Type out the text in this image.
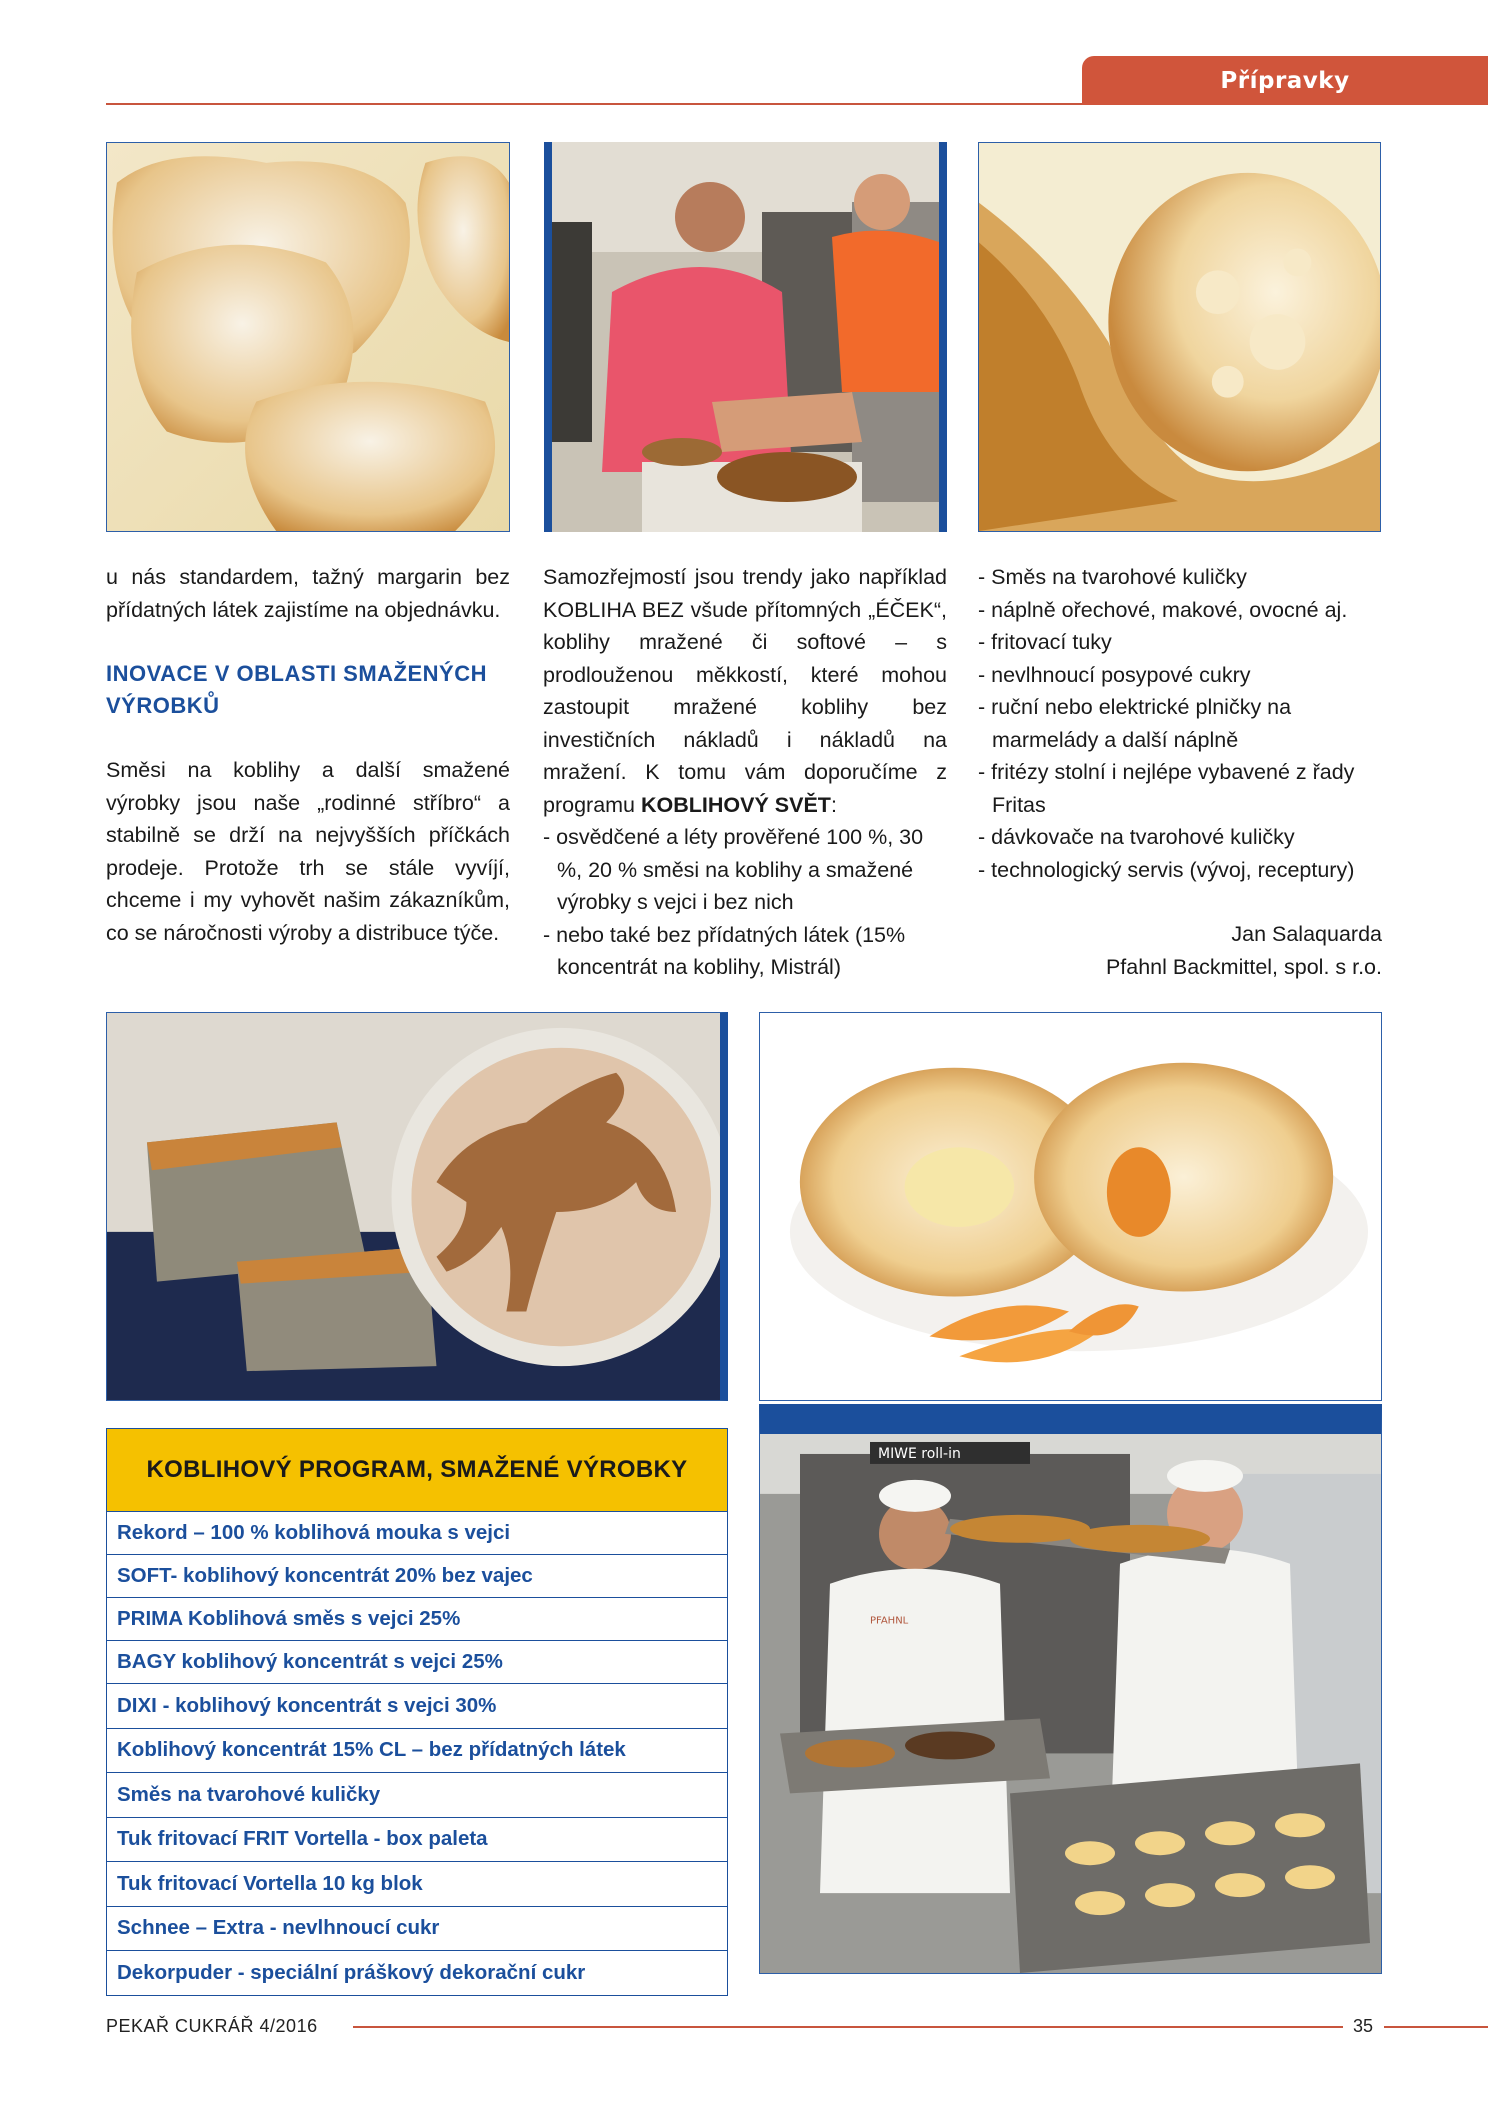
Přípravky

u nás standardem, tažný margarin bez přídatných látek zajistíme na objednávku.

INOVACE V OBLASTI SMAŽENÝCH VÝROBKŮ

Směsi na koblihy a další smažené výrobky jsou naše „rodinné stříbro“ a stabilně se drží na nejvyšších příčkách prodeje. Protože trh se stále vyvíjí, chceme i my vyhovět našim zákazníkům, co se náročnosti výroby a distribuce týče.

Samozřejmostí jsou trendy jako například KOBLIHA BEZ všude přítomných „ÉČEK“, koblihy mražené či softové – s prodlouženou měkkostí, které mohou zastoupit mražené koblihy bez investičních nákladů i nákladů na mražení. K tomu vám doporučíme z programu KOBLIHOVÝ SVĚT:

- osvědčené a léty prověřené 100 %, 30 %, 20 % směsi na koblihy a smažené výrobky s vejci i bez nich
- nebo také bez přídatných látek (15% koncentrát na koblihy, Mistrál)
- Směs na tvarohové kuličky
- náplně ořechové, makové, ovocné aj.
- fritovací tuky
- nevlhnoucí posypové cukry
- ruční nebo elektrické plničky na marmelády a další náplně
- fritézy stolní i nejlépe vybavené z řady Fritas
- dávkovače na tvarohové kuličky
- technologický servis (vývoj, receptury)

Jan Salaquarda

Pfahnl Backmittel, spol. s r.o.

KOBLIHOVÝ PROGRAM, SMAŽENÉ VÝROBKY
Rekord – 100 % koblihová mouka s vejci
SOFT- koblihový koncentrát 20% bez vajec
PRIMA Koblihová směs s vejci 25%
BAGY koblihový koncentrát s vejci 25%
DIXI - koblihový koncentrát s vejci 30%
Koblihový koncentrát 15% CL – bez přídatných látek
Směs na tvarohové kuličky
Tuk fritovací FRIT Vortella - box paleta
Tuk fritovací Vortella 10 kg blok
Schnee – Extra - nevlhnoucí cukr
Dekorpuder - speciální práškový dekorační cukr
MIWE roll-in
PFAHNL
PEKAŘ CUKRÁŘ 4/2016	35
